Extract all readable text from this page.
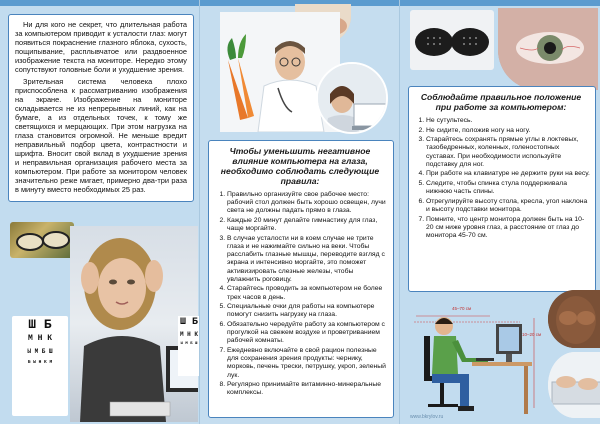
Ни для кого не секрет, что длительная работа за компьютером приводит к усталости глаз: могут появиться покраснение глазного яблока, сухость, пощипывание, расплывчатое или раздвоенное изображение текста на мониторе. Нередко этому сопутствуют головные боли и ухудшение зрения.

Зрительная система человека плохо приспособлена к рассматриванию изображения на экране. Изображение на мониторе складывается не из непрерывных линий, как на бумаге, а из отдельных точек, к тому же светящихся и мерцающих. При этом нагрузка на глаза становится огромной. Не меньше вредит неправильный подбор цвета, контрастности и шрифта. Вносит свой вклад в ухудшение зрения и неправильная организация рабочего места за компьютером. При работе за монитором человек значительно реже мигает, примерно два-три раза в минуту вместо необходимых 25 раз.

Ш Б
М Н К
Ы М Б Ш
Б Ы Н К М
Ш Б
М Н К
Ы М Б Ш
Чтобы уменьшить негативное влияние компьютера на глаза, необходимо соблюдать следующие правила:
1. Правильно организуйте свое рабочее место: рабочий стол должен быть хорошо освещен, лучи света не должны падать прямо в глаза.
2. Каждые 20 минут делайте гимнастику для глаз, чаще моргайте.
3. В случае усталости ни в коем случае не трите глаза и не нажимайте сильно на веки. Чтобы расслабить глазные мышцы, переводите взгляд с экрана и интенсивно моргайте, это поможет активизировать слезные железы, чтобы увлажнить роговицу.
4. Старайтесь проводить за компьютером не более трех часов в день.
5. Специальные очки для работы на компьютере помогут снизить нагрузку на глаза.
6. Обязательно чередуйте работу за компьютером с прогулкой на свежем воздухе и проветриванием рабочей комнаты.
7. Ежедневно включайте в свой рацион полезные для сохранения зрения продукты: чернику, морковь, печень трески, петрушку, укроп, зеленый лук.
8. Регулярно принимайте витаминно-минеральные комплексы.
Соблюдайте правильное положение при работе за компьютером:
1. Не сутультесь.
2. Не сидите, положив ногу на ногу.
3. Старайтесь сохранять прямые углы в локтевых, тазобедренных, коленных, голеностопных суставах. При необходимости используйте подставку для ног.
4. При работе на клавиатуре не держите руки на весу.
5. Следите, чтобы спинка стула поддерживала нижнюю часть спины.
6. Отрегулируйте высоту стола, кресла, угол наклона и высоту подставки монитора.
7. Помните, что центр монитора должен быть на 10-20 см ниже уровня глаз, а расстояние от глаз до монитора 45-70 см.
45–70 см
10–20 см
www.bkrylov.ru
